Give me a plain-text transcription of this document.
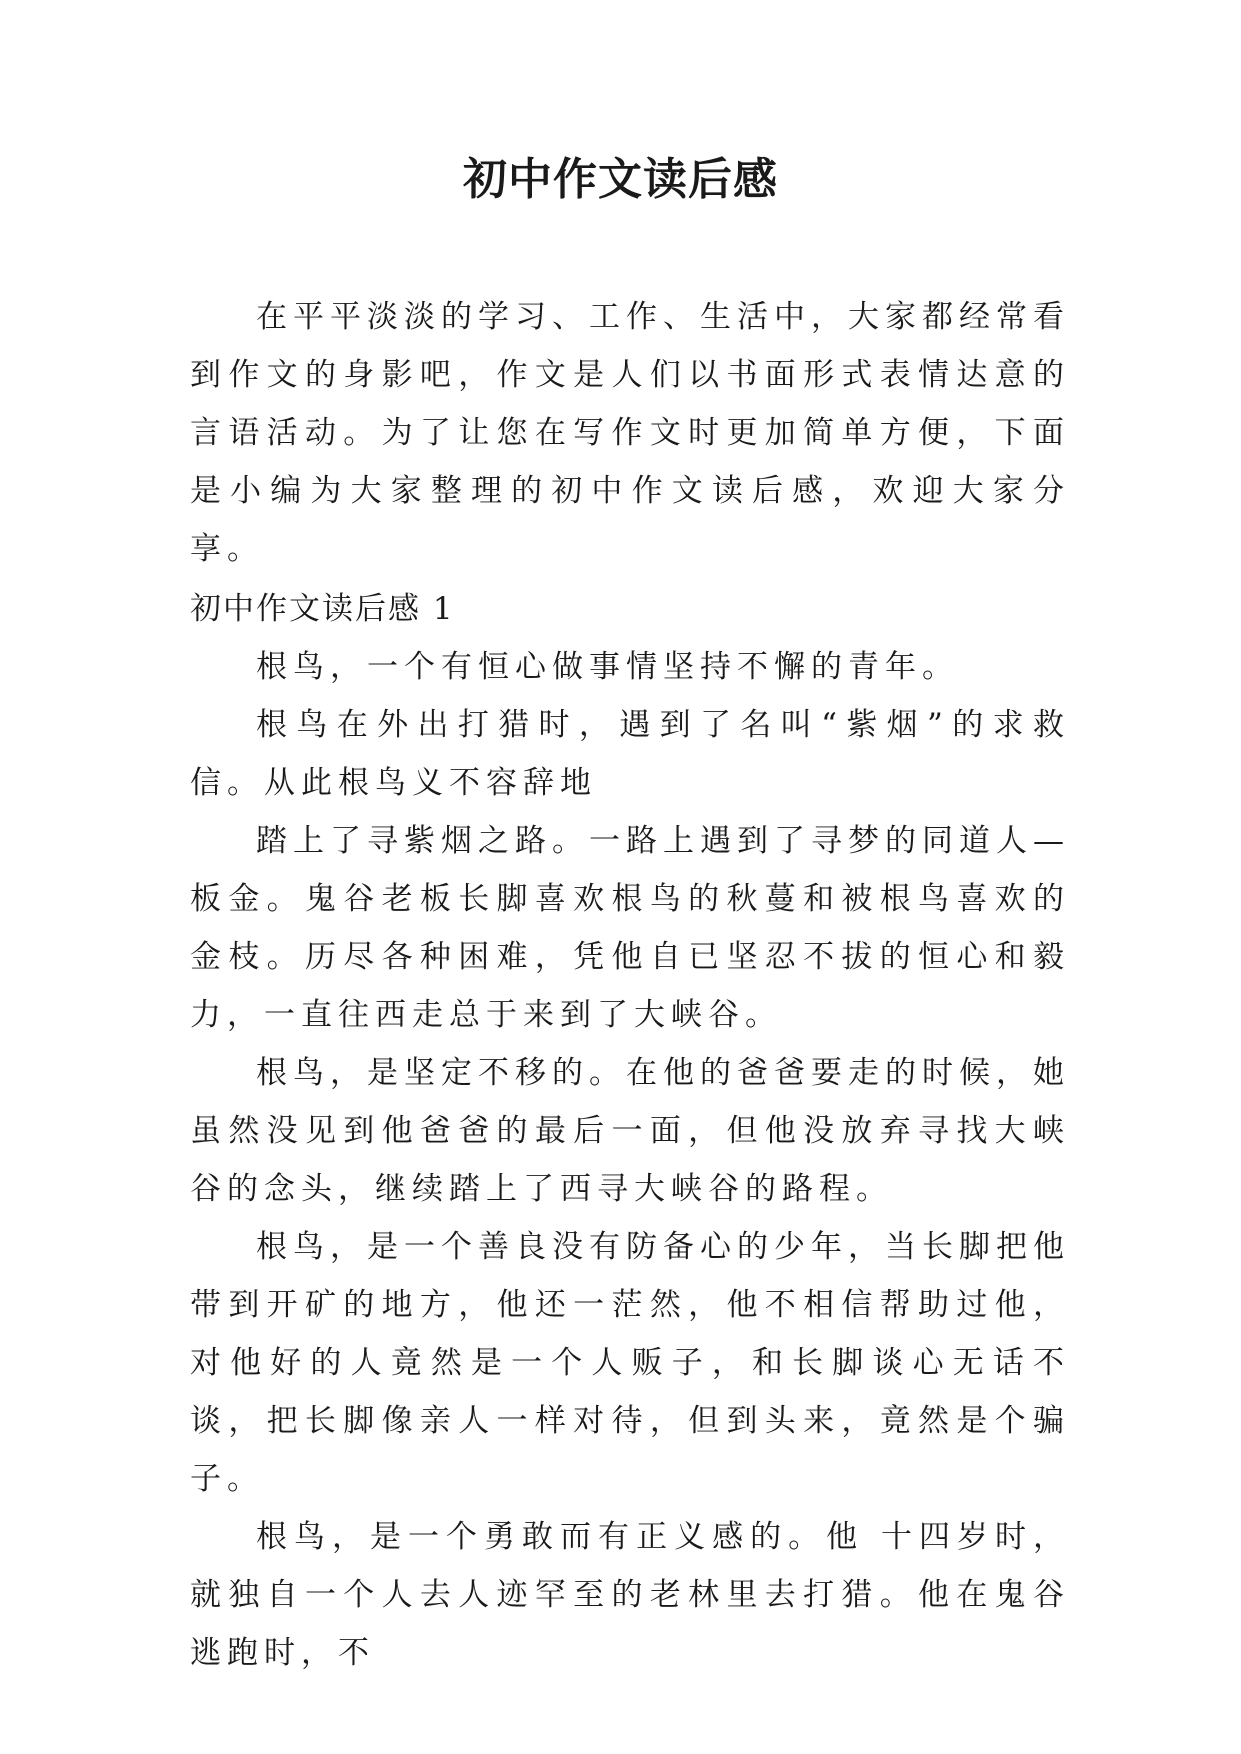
初中作文读后感

在平平淡淡的学习、工作、生活中，大家都经常看到作文的身影吧，作文是人们以书面形式表情达意的言语活动。为了让您在写作文时更加简单方便，下面是小编为大家整理的初中作文读后感，欢迎大家分享。

初中作文读后感 1

根鸟，一个有恒心做事情坚持不懈的青年。

根鸟在外出打猎时，遇到了名叫“紫烟”的求救信。从此根鸟义不容辞地

踏上了寻紫烟之路。一路上遇到了寻梦的同道人—板金。鬼谷老板长脚喜欢根鸟的秋蔓和被根鸟喜欢的金枝。历尽各种困难，凭他自已坚忍不拔的恒心和毅力，一直往西走总于来到了大峡谷。

根鸟，是坚定不移的。在他的爸爸要走的时候，她虽然没见到他爸爸的最后一面，但他没放弃寻找大峡谷的念头，继续踏上了西寻大峡谷的路程。

根鸟，是一个善良没有防备心的少年，当长脚把他带到开矿的地方，他还一茫然，他不相信帮助过他，对他好的人竟然是一个人贩子，和长脚谈心无话不谈，把长脚像亲人一样对待，但到头来，竟然是个骗子。

根鸟，是一个勇敢而有正义感的。他 十四岁时，就独自一个人去人迹罕至的老林里去打猎。他在鬼谷逃跑时，不
